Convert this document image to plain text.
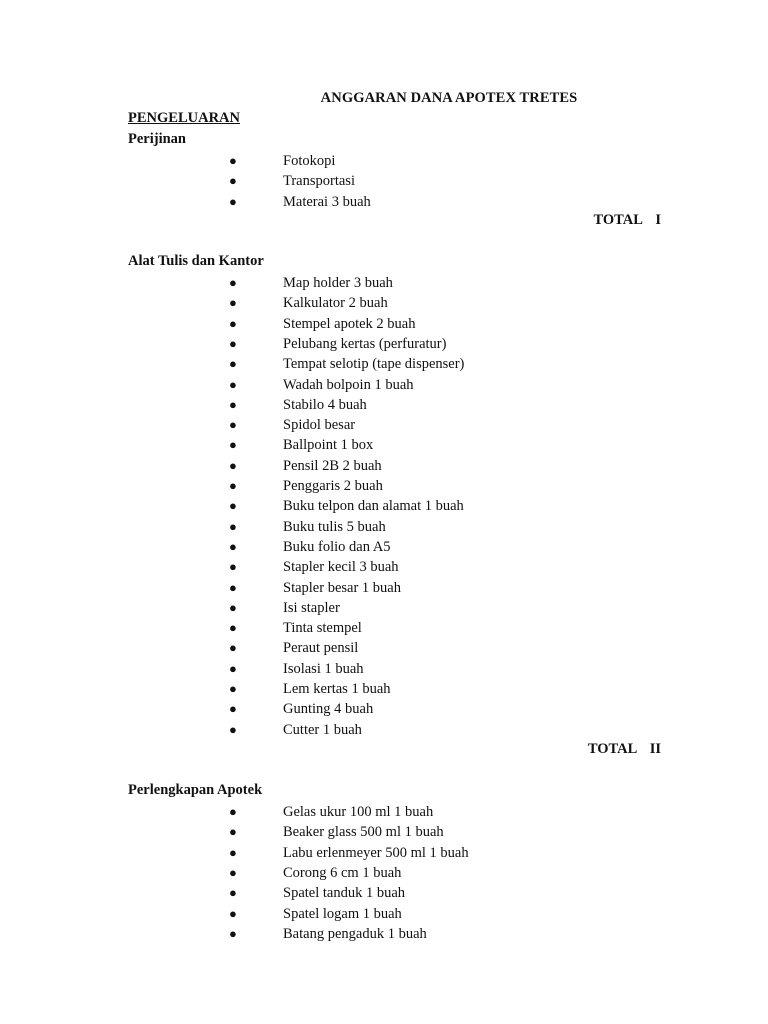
ANGGARAN DANA APOTEX TRETES
PENGELUARAN
Perijinan
●	Fotokopi
●	Transportasi
●	Materai 3 buah
TOTAL  I
Alat Tulis dan Kantor
●	Map holder 3 buah
●	Kalkulator 2 buah
●	Stempel apotek 2 buah
●	Pelubang kertas (perfuratur)
●	Tempat selotip (tape dispenser)
●	Wadah bolpoin 1 buah
●	Stabilo 4 buah
●	Spidol besar
●	Ballpoint 1 box
●	Pensil 2B 2 buah
●	Penggaris 2 buah
●	Buku telpon dan alamat 1 buah
●	Buku tulis 5 buah
●	Buku folio dan A5
●	Stapler kecil 3 buah
●	Stapler besar 1 buah
●	Isi stapler
●	Tinta stempel
●	Peraut pensil
●	Isolasi 1 buah
●	Lem kertas 1 buah
●	Gunting 4 buah
●	Cutter 1 buah
TOTAL  II
Perlengkapan Apotek
●	Gelas ukur 100 ml 1 buah
●	Beaker glass 500 ml 1 buah
●	Labu erlenmeyer 500 ml 1 buah
●	Corong 6 cm 1 buah
●	Spatel tanduk 1 buah
●	Spatel logam 1 buah
●	Batang pengaduk 1 buah
